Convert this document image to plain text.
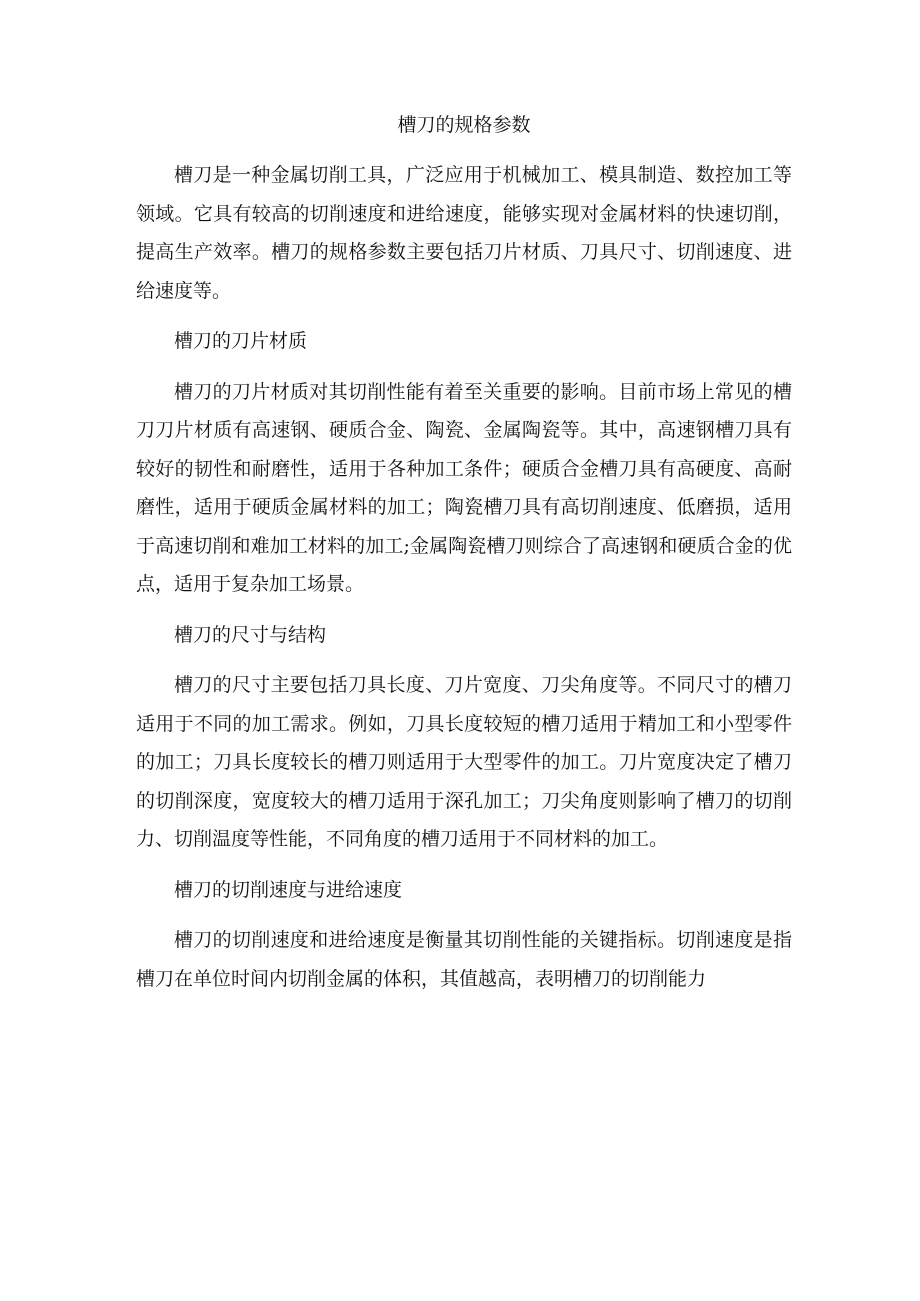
槽刀的规格参数

槽刀是一种金属切削工具，广泛应用于机械加工、模具制造、数控加工等领域。它具有较高的切削速度和进给速度，能够实现对金属材料的快速切削，提高生产效率。槽刀的规格参数主要包括刀片材质、刀具尺寸、切削速度、进给速度等。

槽刀的刀片材质

槽刀的刀片材质对其切削性能有着至关重要的影响。目前市场上常见的槽刀刀片材质有高速钢、硬质合金、陶瓷、金属陶瓷等。其中，高速钢槽刀具有较好的韧性和耐磨性，适用于各种加工条件；硬质合金槽刀具有高硬度、高耐磨性，适用于硬质金属材料的加工；陶瓷槽刀具有高切削速度、低磨损，适用于高速切削和难加工材料的加工;金属陶瓷槽刀则综合了高速钢和硬质合金的优点，适用于复杂加工场景。

槽刀的尺寸与结构

槽刀的尺寸主要包括刀具长度、刀片宽度、刀尖角度等。不同尺寸的槽刀适用于不同的加工需求。例如，刀具长度较短的槽刀适用于精加工和小型零件的加工；刀具长度较长的槽刀则适用于大型零件的加工。刀片宽度决定了槽刀的切削深度，宽度较大的槽刀适用于深孔加工；刀尖角度则影响了槽刀的切削力、切削温度等性能，不同角度的槽刀适用于不同材料的加工。

槽刀的切削速度与进给速度

槽刀的切削速度和进给速度是衡量其切削性能的关键指标。切削速度是指槽刀在单位时间内切削金属的体积，其值越高，表明槽刀的切削能力
